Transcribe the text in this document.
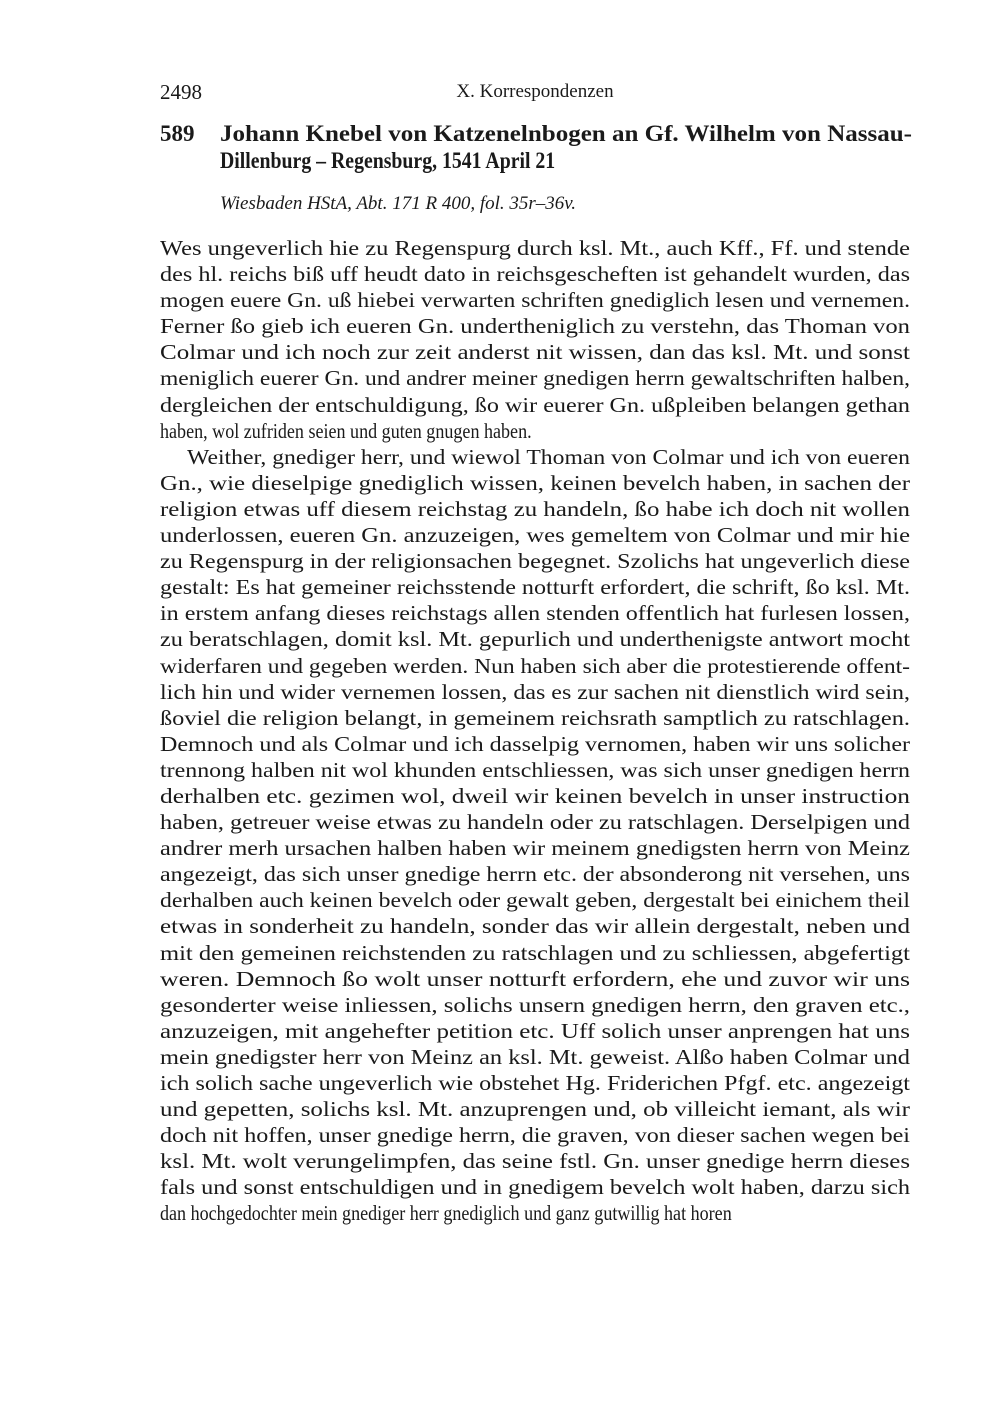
2498	X. Korrespondenzen
589 Johann Knebel von Katzenelnbogen an Gf. Wilhelm von Nassau-
Dillenburg – Regensburg, 1541 April 21
Wiesbaden HStA, Abt. 171 R 400, fol. 35r–36v.
Wes ungeverlich hie zu Regenspurg durch ksl. Mt., auch Kff., Ff. und stende
des hl. reichs biß uff heudt dato in reichsgescheften ist gehandelt wurden, das
mogen euere Gn. uß hiebei verwarten schriften gnediglich lesen und vernemen.
Ferner ßo gieb ich eueren Gn. undertheniglich zu verstehn, das Thoman von
Colmar und ich noch zur zeit anderst nit wissen, dan das ksl. Mt. und sonst
meniglich euerer Gn. und andrer meiner gnedigen herrn gewaltschriften halben,
dergleichen der entschuldigung, ßo wir euerer Gn. ußpleiben belangen gethan
haben, wol zufriden seien und guten gnugen haben.
Weither, gnediger herr, und wiewol Thoman von Colmar und ich von eueren
Gn., wie dieselpige gnediglich wissen, keinen bevelch haben, in sachen der
religion etwas uff diesem reichstag zu handeln, ßo habe ich doch nit wollen
underlossen, eueren Gn. anzuzeigen, wes gemeltem von Colmar und mir hie
zu Regenspurg in der religionsachen begegnet. Szolichs hat ungeverlich diese
gestalt: Es hat gemeiner reichsstende notturft erfordert, die schrift, ßo ksl. Mt.
in erstem anfang dieses reichstags allen stenden offentlich hat furlesen lossen,
zu beratschlagen, domit ksl. Mt. gepurlich und underthenigste antwort mocht
widerfaren und gegeben werden. Nun haben sich aber die protestierende offent-
lich hin und wider vernemen lossen, das es zur sachen nit dienstlich wird sein,
ßoviel die religion belangt, in gemeinem reichsrath samptlich zu ratschlagen.
Demnoch und als Colmar und ich dasselpig vernomen, haben wir uns solicher
trennong halben nit wol khunden entschliessen, was sich unser gnedigen herrn
derhalben etc. gezimen wol, dweil wir keinen bevelch in unser instruction
haben, getreuer weise etwas zu handeln oder zu ratschlagen. Derselpigen und
andrer merh ursachen halben haben wir meinem gnedigsten herrn von Meinz
angezeigt, das sich unser gnedige herrn etc. der absonderong nit versehen, uns
derhalben auch keinen bevelch oder gewalt geben, dergestalt bei einichem theil
etwas in sonderheit zu handeln, sonder das wir allein dergestalt, neben und
mit den gemeinen reichstenden zu ratschlagen und zu schliessen, abgefertigt
weren. Demnoch ßo wolt unser notturft erfordern, ehe und zuvor wir uns
gesonderter weise inliessen, solichs unsern gnedigen herrn, den graven etc.,
anzuzeigen, mit angehefter petition etc. Uff solich unser anprengen hat uns
mein gnedigster herr von Meinz an ksl. Mt. geweist. Alßo haben Colmar und
ich solich sache ungeverlich wie obstehet Hg. Friderichen Pfgf. etc. angezeigt
und gepetten, solichs ksl. Mt. anzuprengen und, ob villeicht iemant, als wir
doch nit hoffen, unser gnedige herrn, die graven, von dieser sachen wegen bei
ksl. Mt. wolt verungelimpfen, das seine fstl. Gn. unser gnedige herrn dieses
fals und sonst entschuldigen und in gnedigem bevelch wolt haben, darzu sich
dan hochgedochter mein gnediger herr gnediglich und ganz gutwillig hat horen
